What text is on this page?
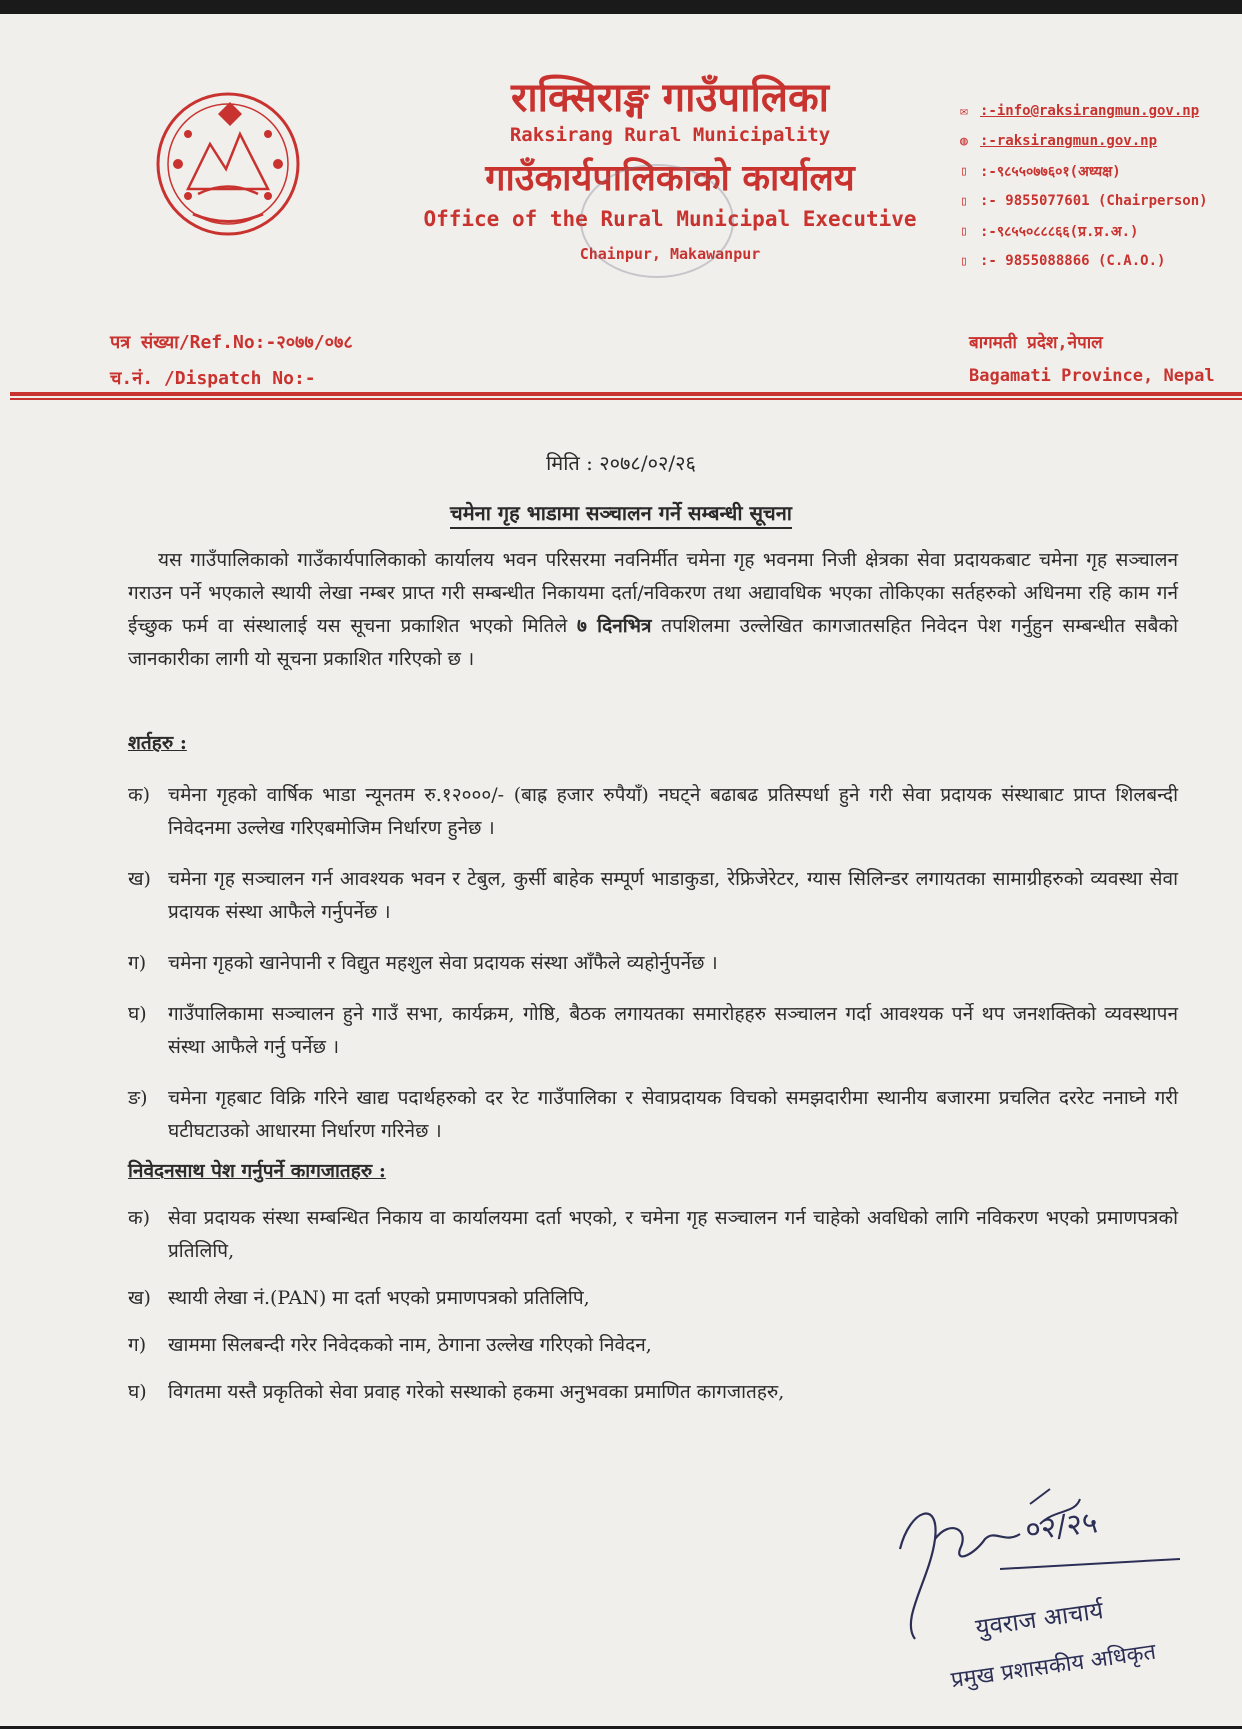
राक्सिराङ्ग गाउँपालिका
Raksirang Rural Municipality
गाउँकार्यपालिकाको कार्यालय
Office of the Rural Municipal Executive
Chainpur, Makawanpur
✉ :-info@raksirangmun.gov.np
◍ :-raksirangmun.gov.np
▯ :-९८५५०७७६०१(अध्यक्ष)
▯ :- 9855077601 (Chairperson)
▯ :-९८५५०८८८६६(प्र.प्र.अ.)
▯ :- 9855088866 (C.A.O.)
पत्र संख्या/Ref.No:-२०७७/०७८
च.नं. /Dispatch No:-
बागमती प्रदेश,नेपाल
Bagamati Province, Nepal
मिति : २०७८/०२/२६
चमेना गृह भाडामा सञ्चालन गर्ने सम्बन्धी सूचना
यस गाउँपालिकाको गाउँकार्यपालिकाको कार्यालय भवन परिसरमा नवनिर्मीत चमेना गृह भवनमा निजी क्षेत्रका सेवा प्रदायकबाट चमेना गृह सञ्चालन गराउन पर्ने भएकाले स्थायी लेखा नम्बर प्राप्त गरी सम्बन्धीत निकायमा दर्ता/नविकरण तथा अद्यावधिक भएका तोकिएका सर्तहरुको अधिनमा रहि काम गर्न ईच्छुक फर्म वा संस्थालाई यस सूचना प्रकाशित भएको मितिले ७ दिनभित्र तपशिलमा उल्लेखित कागजातसहित निवेदन पेश गर्नुहुन सम्बन्धीत सबैको जानकारीका लागी यो सूचना प्रकाशित गरिएको छ ।
शर्तहरु :
क) चमेना गृहको वार्षिक भाडा न्यूनतम रु.१२०००/- (बाह्र हजार रुपैयाँ) नघट्ने बढाबढ प्रतिस्पर्धा हुने गरी सेवा प्रदायक संस्थाबाट प्राप्त शिलबन्दी निवेदनमा उल्लेख गरिएबमोजिम निर्धारण हुनेछ ।
ख) चमेना गृह सञ्चालन गर्न आवश्यक भवन र टेबुल, कुर्सी बाहेक सम्पूर्ण भाडाकुडा, रेफ्रिजेरेटर, ग्यास सिलिन्डर लगायतका सामाग्रीहरुको व्यवस्था सेवा प्रदायक संस्था आफैले गर्नुपर्नेछ ।
ग)	चमेना गृहको खानेपानी र विद्युत महशुल सेवा प्रदायक संस्था आँफैले व्यहोर्नुपर्नेछ ।
घ)	गाउँपालिकामा सञ्चालन हुने गाउँ सभा, कार्यक्रम, गोष्ठि, बैठक लगायतका समारोहहरु सञ्चालन गर्दा आवश्यक पर्ने थप जनशक्तिको व्यवस्थापन संस्था आफैले गर्नु पर्नेछ ।
ङ)	चमेना गृहबाट विक्रि गरिने खाद्य पदार्थहरुको दर रेट गाउँपालिका र सेवाप्रदायक विचको समझदारीमा स्थानीय बजारमा प्रचलित दररेट ननाघ्ने गरी घटीघटाउको आधारमा निर्धारण गरिनेछ ।
निवेदनसाथ पेश गर्नुपर्ने कागजातहरु :
क) सेवा प्रदायक संस्था सम्बन्धित निकाय वा कार्यालयमा दर्ता भएको, र चमेना गृह सञ्चालन गर्न चाहेको अवधिको लागि नविकरण भएको प्रमाणपत्रको प्रतिलिपि,
ख) स्थायी लेखा नं.(PAN) मा दर्ता भएको प्रमाणपत्रको प्रतिलिपि,
ग)	खाममा सिलबन्दी गरेर निवेदकको नाम, ठेगाना उल्लेख गरिएको निवेदन,
घ)	विगतमा यस्तै प्रकृतिको सेवा प्रवाह गरेको सस्थाको हकमा अनुभवका प्रमाणित कागजातहरु,
०२/२५
युवराज आचार्य
प्रमुख प्रशासकीय अधिकृत
